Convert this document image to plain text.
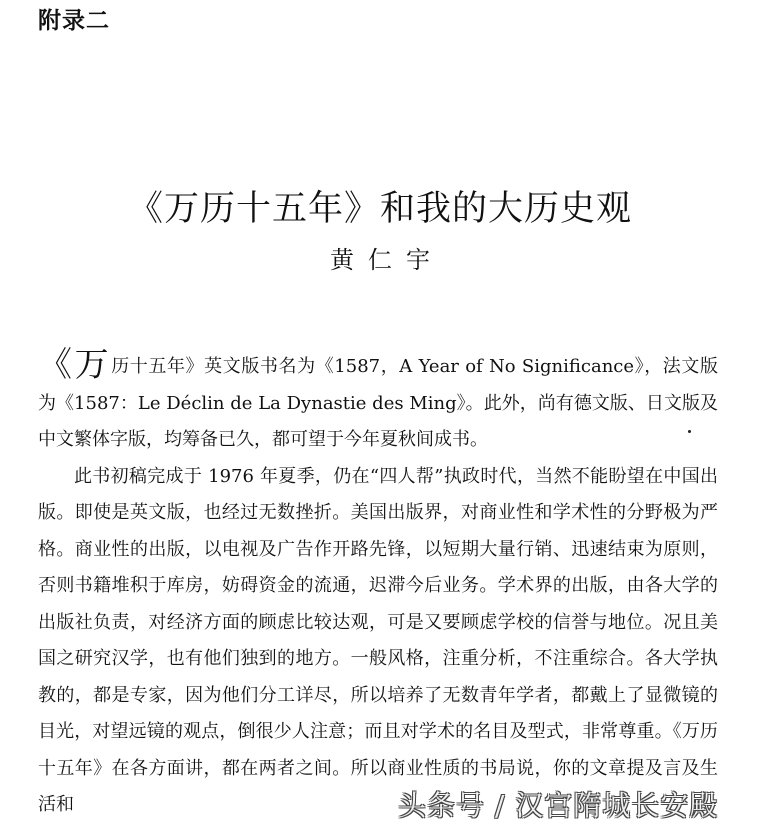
附录二
《万历十五年》和我的大历史观
黄仁宇

《万历十五年》英文版书名为《1587，A Year of No Significance》，法文版为《1587：Le Déclin de La Dynastie des Ming》。此外，尚有德文版、日文版及中文繁体字版，均筹备已久，都可望于今年夏秋间成书。

此书初稿完成于 1976 年夏季，仍在“四人帮”执政时代，当然不能盼望在中国出版。即使是英文版，也经过无数挫折。美国出版界，对商业性和学术性的分野极为严格。商业性的出版，以电视及广告作开路先锋，以短期大量行销、迅速结束为原则，否则书籍堆积于库房，妨碍资金的流通，迟滞今后业务。学术界的出版，由各大学的出版社负责，对经济方面的顾虑比较达观，可是又要顾虑学校的信誉与地位。况且美国之研究汉学，也有他们独到的地方。一般风格，注重分析，不注重综合。各大学执教的，都是专家，因为他们分工详尽，所以培养了无数青年学者，都戴上了显微镜的目光，对望远镜的观点，倒很少人注意；而且对学术的名目及型式，非常尊重。《万历十五年》在各方面讲，都在两者之间。所以商业性质的书局说，你的文章提及言及生活和	头条号 / 汉宫隋城长安殿
